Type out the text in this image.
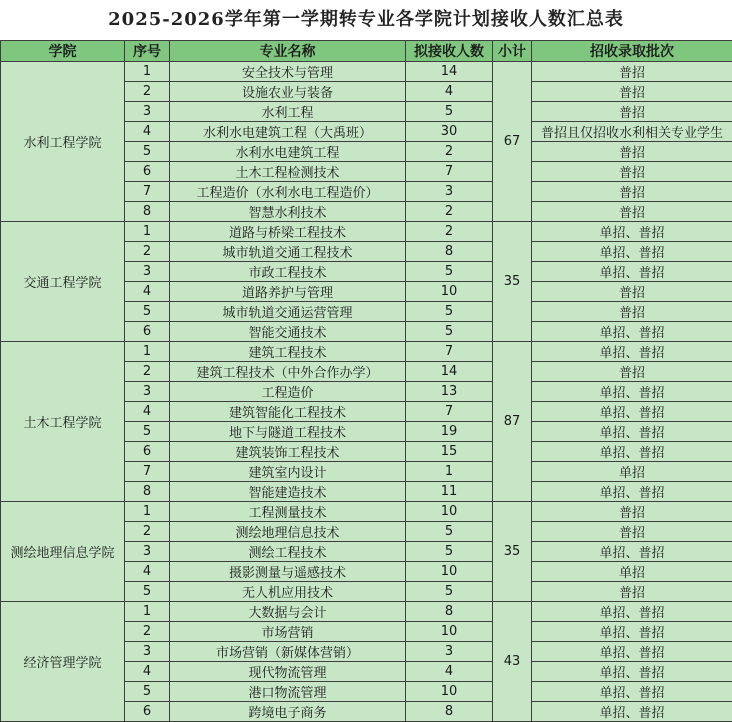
2025-2026学年第一学期转专业各学院计划接收人数汇总表
学院	序号	专业名称	拟接收人数	小计	招收录取批次
水利工程学院	1	安全技术与管理	14	67	普招
	2	设施农业与装备	4		普招
	3	水利工程	5		普招
	4	水利水电建筑工程（大禹班）	30		普招且仅招收水利相关专业学生
	5	水利水电建筑工程	2		普招
	6	土木工程检测技术	7		普招
	7	工程造价（水利水电工程造价）	3		普招
	8	智慧水利技术	2		普招
交通工程学院	1	道路与桥梁工程技术	2	35	单招、普招
	2	城市轨道交通工程技术	8		单招、普招
	3	市政工程技术	5		单招、普招
	4	道路养护与管理	10		普招
	5	城市轨道交通运营管理	5		普招
	6	智能交通技术	5		单招、普招
土木工程学院	1	建筑工程技术	7	87	单招、普招
	2	建筑工程技术（中外合作办学）	14		普招
	3	工程造价	13		单招、普招
	4	建筑智能化工程技术	7		单招、普招
	5	地下与隧道工程技术	19		单招、普招
	6	建筑装饰工程技术	15		单招、普招
	7	建筑室内设计	1		单招
	8	智能建造技术	11		单招、普招
测绘地理信息学院	1	工程测量技术	10	35	普招
	2	测绘地理信息技术	5		普招
	3	测绘工程技术	5		单招、普招
	4	摄影测量与遥感技术	10		单招
	5	无人机应用技术	5		普招
经济管理学院	1	大数据与会计	8	43	单招、普招
	2	市场营销	10		单招、普招
	3	市场营销（新媒体营销）	3		单招、普招
	4	现代物流管理	4		单招、普招
	5	港口物流管理	10		单招、普招
	6	跨境电子商务	8		单招、普招
